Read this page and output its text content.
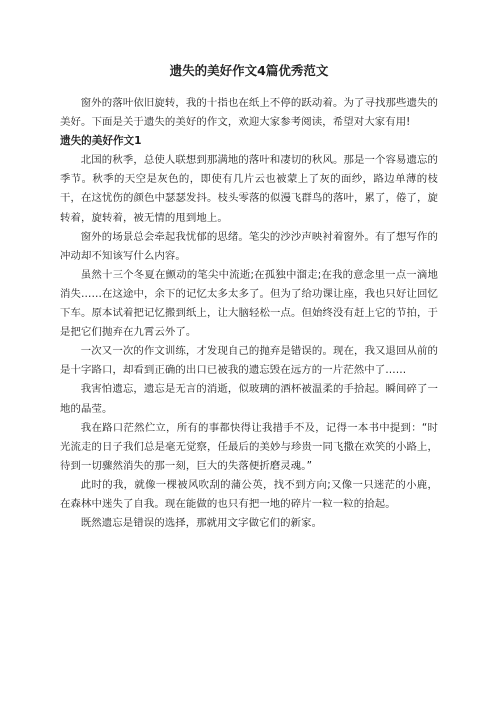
遗失的美好作文4篇优秀范文

窗外的落叶依旧旋转，我的十指也在纸上不停的跃动着。为了寻找那些遗失的美好。下面是关于遗失的美好的作文，欢迎大家参考阅读，希望对大家有用!

遗失的美好作文1

北国的秋季，总使人联想到那满地的落叶和凄切的秋风。那是一个容易遗忘的季节。秋季的天空是灰色的，即使有几片云也被蒙上了灰的面纱，路边单薄的枝干，在这忧伤的颜色中瑟瑟发抖。枝头零落的似漫飞群鸟的落叶，累了，倦了，旋转着，旋转着，被无情的甩到地上。

窗外的场景总会牵起我忧郁的思绪。笔尖的沙沙声映衬着窗外。有了想写作的冲动却不知该写什么内容。

虽然十三个冬夏在颤动的笔尖中流逝;在孤独中溜走;在我的意念里一点一滴地消失……在这途中，余下的记忆太多太多了。但为了给功课让座，我也只好让回忆下车。原本试着把记忆搬到纸上，让大脑轻松一点。但始终没有赶上它的节拍，于是把它们抛弃在九霄云外了。

一次又一次的作文训练，才发现自己的抛弃是错误的。现在，我又退回从前的是十字路口，却看到正确的出口已被我的遗忘毁在远方的一片茫然中了……

我害怕遗忘，遗忘是无言的消逝，似玻璃的酒杯被温柔的手拾起。瞬间碎了一地的晶莹。

我在路口茫然伫立，所有的事都快得让我措手不及，记得一本书中提到：“时光流走的日子我们总是毫无觉察，任最后的美妙与珍贵一同飞撒在欢笑的小路上，待到一切骤然消失的那一刻，巨大的失落便折磨灵魂。”

此时的我，就像一棵被风吹刮的蒲公英，找不到方向;又像一只迷茫的小鹿，在森林中迷失了自我。现在能做的也只有把一地的碎片一粒一粒的拾起。

既然遗忘是错误的选择，那就用文字做它们的新家。
